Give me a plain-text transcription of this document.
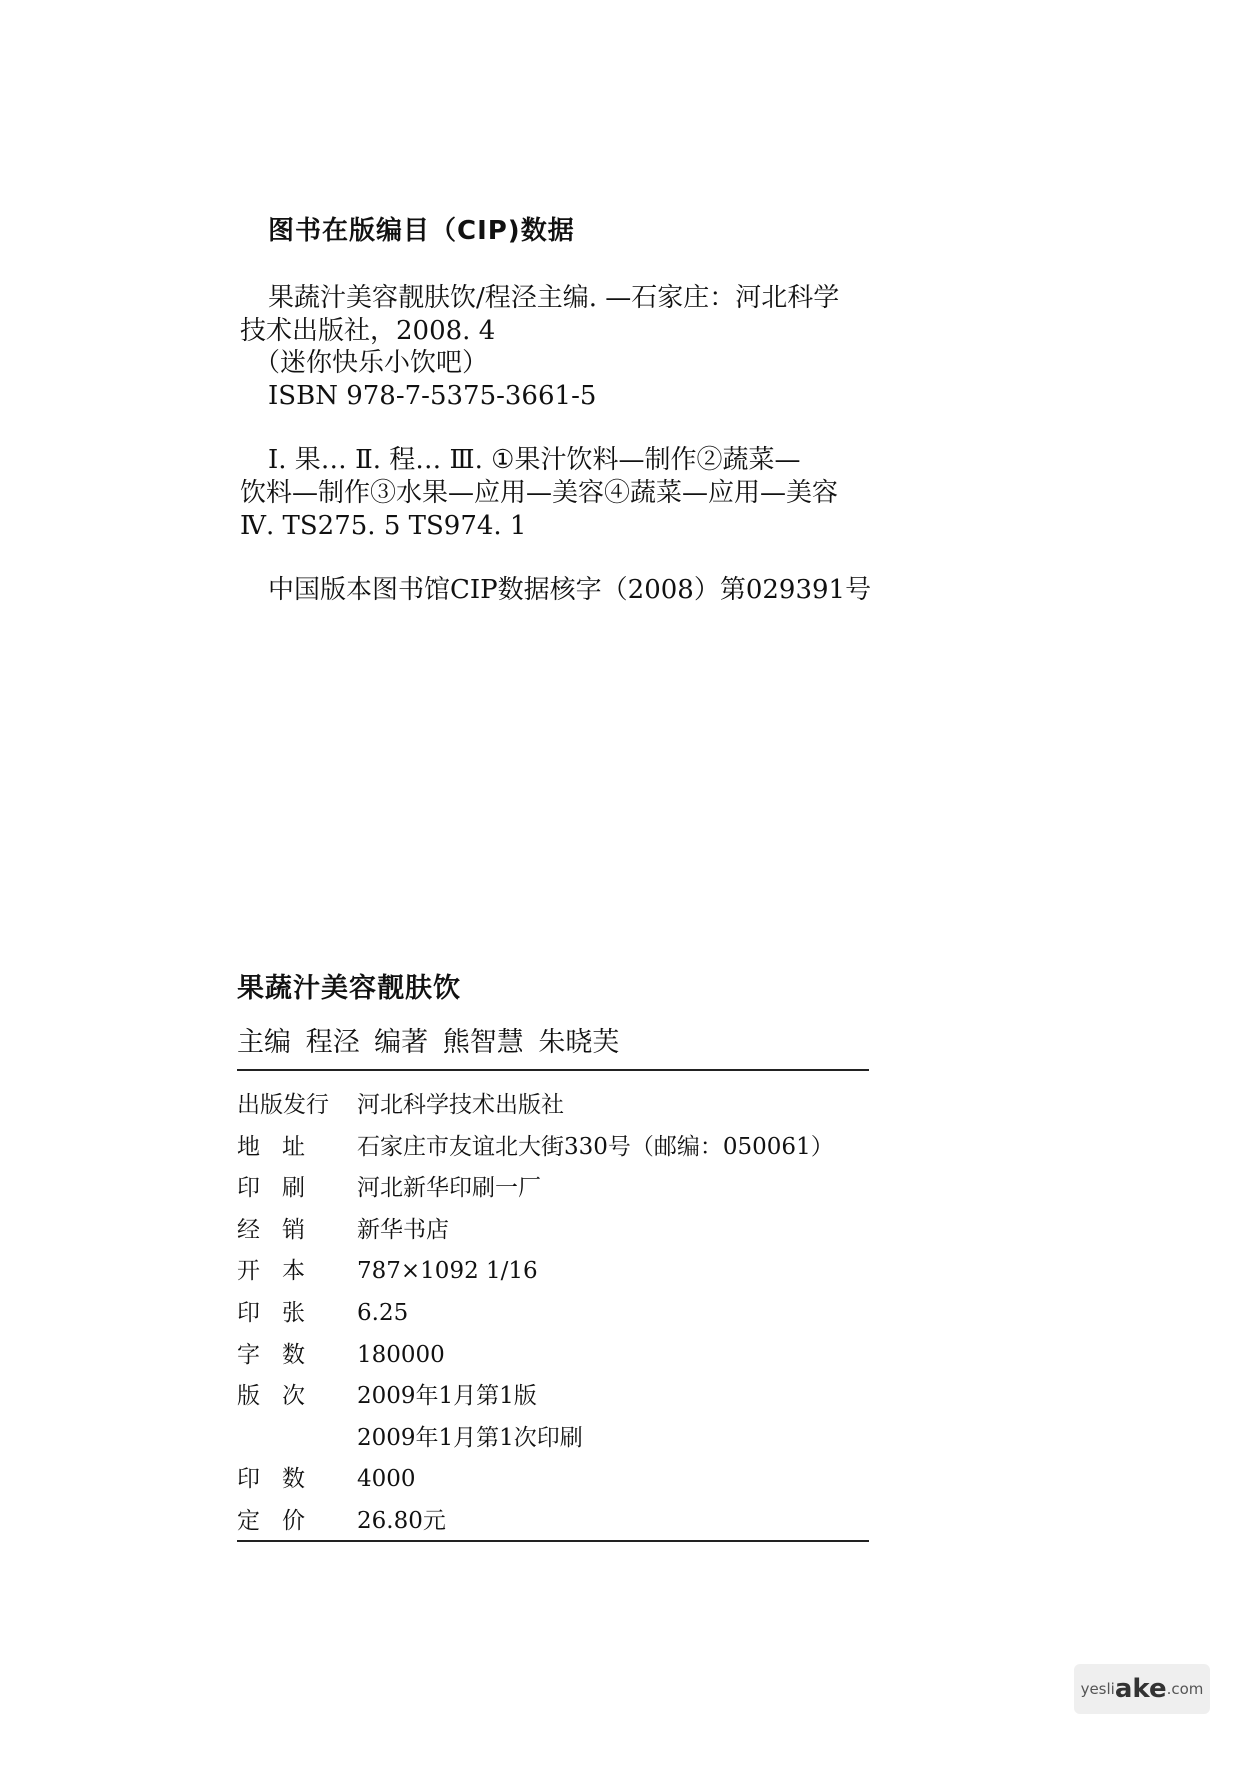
图书在版编目（CIP)数据
果蔬汁美容靓肤饮/程泾主编. —石家庄：河北科学
技术出版社，2008. 4
（迷你快乐小饮吧）
ISBN 978-7-5375-3661-5
Ⅰ. 果… Ⅱ. 程… Ⅲ. ①果汁饮料—制作②蔬菜—
饮料—制作③水果—应用—美容④蔬菜—应用—美容
Ⅳ. TS275. 5 TS974. 1
中国版本图书馆CIP数据核字（2008）第029391号
果蔬汁美容靓肤饮
主编 程泾 编著 熊智慧 朱晓芙
出 版 发 行 河北科学技术出版社
地 址 石家庄市友谊北大街330号（邮编：050061）
印 刷 河北新华印刷一厂
经 销 新华书店
开 本 787×1092 1/16
印 张 6.25
字 数 180000
版 次 2009年1月第1版
2009年1月第1次印刷
印 数 4000
定 价 26.80元
yesli ake .com
